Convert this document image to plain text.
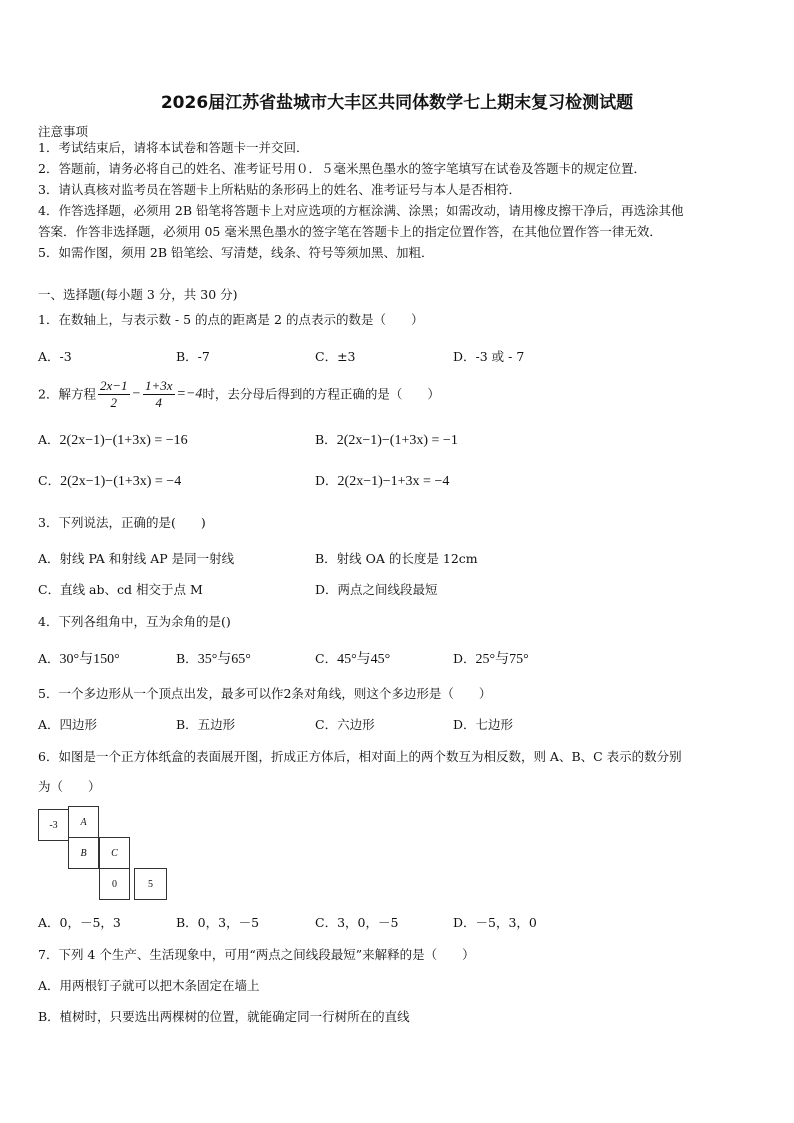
2026届江苏省盐城市大丰区共同体数学七上期末复习检测试题
注意事项
1．考试结束后，请将本试卷和答题卡一并交回．
2．答题前，请务必将自己的姓名、准考证号用０．５毫米黑色墨水的签字笔填写在试卷及答题卡的规定位置．
3．请认真核对监考员在答题卡上所粘贴的条形码上的姓名、准考证号与本人是否相符．
4．作答选择题，必须用 2B 铅笔将答题卡上对应选项的方框涂满、涂黑；如需改动，请用橡皮擦干净后，再选涂其他
答案．作答非选择题，必须用 05 毫米黑色墨水的签字笔在答题卡上的指定位置作答，在其他位置作答一律无效．
5．如需作图，须用 2B 铅笔绘、写清楚，线条、符号等须加黑、加粗．
一、选择题(每小题 3 分，共 30 分)
1．在数轴上，与表示数 - 5 的点的距离是 2 的点表示的数是（　　）
A．-3	B．-7	C．±3	D．-3 或 - 7
2．解方程 $\frac{2x-1}{2} - \frac{1+3x}{4} =-4$时，去分母后得到的方程正确的是（　　）
A．2(2x−1)−(1+3x) = −16	B．2(2x−1)−(1+3x) = −1
C．2(2x−1)−(1+3x) = −4	D．2(2x−1)−1+3x = −4
3．下列说法，正确的是(　　)
A．射线 PA 和射线 AP 是同一射线	B．射线 OA 的长度是 12cm
C．直线 ab、cd 相交于点 M	D．两点之间线段最短
4．下列各组角中，互为余角的是()
A．30°与150°	B．35°与65°	C．45°与45°	D．25°与75°
5．一个多边形从一个顶点出发，最多可以作2条对角线，则这个多边形是（　　）
A．四边形	B．五边形	C．六边形	D．七边形
6．如图是一个正方体纸盒的表面展开图，折成正方体后，相对面上的两个数互为相反数，则 A、B、C 表示的数分别
为（　　）
-3	A
B	C
0	5
A．0，－5，3	B．0，3，－5	C．3，0，－5	D．－5，3，0
7．下列 4 个生产、生活现象中，可用“两点之间线段最短”来解释的是（　　）
A．用两根钉子就可以把木条固定在墙上
B．植树时，只要选出两棵树的位置，就能确定同一行树所在的直线
